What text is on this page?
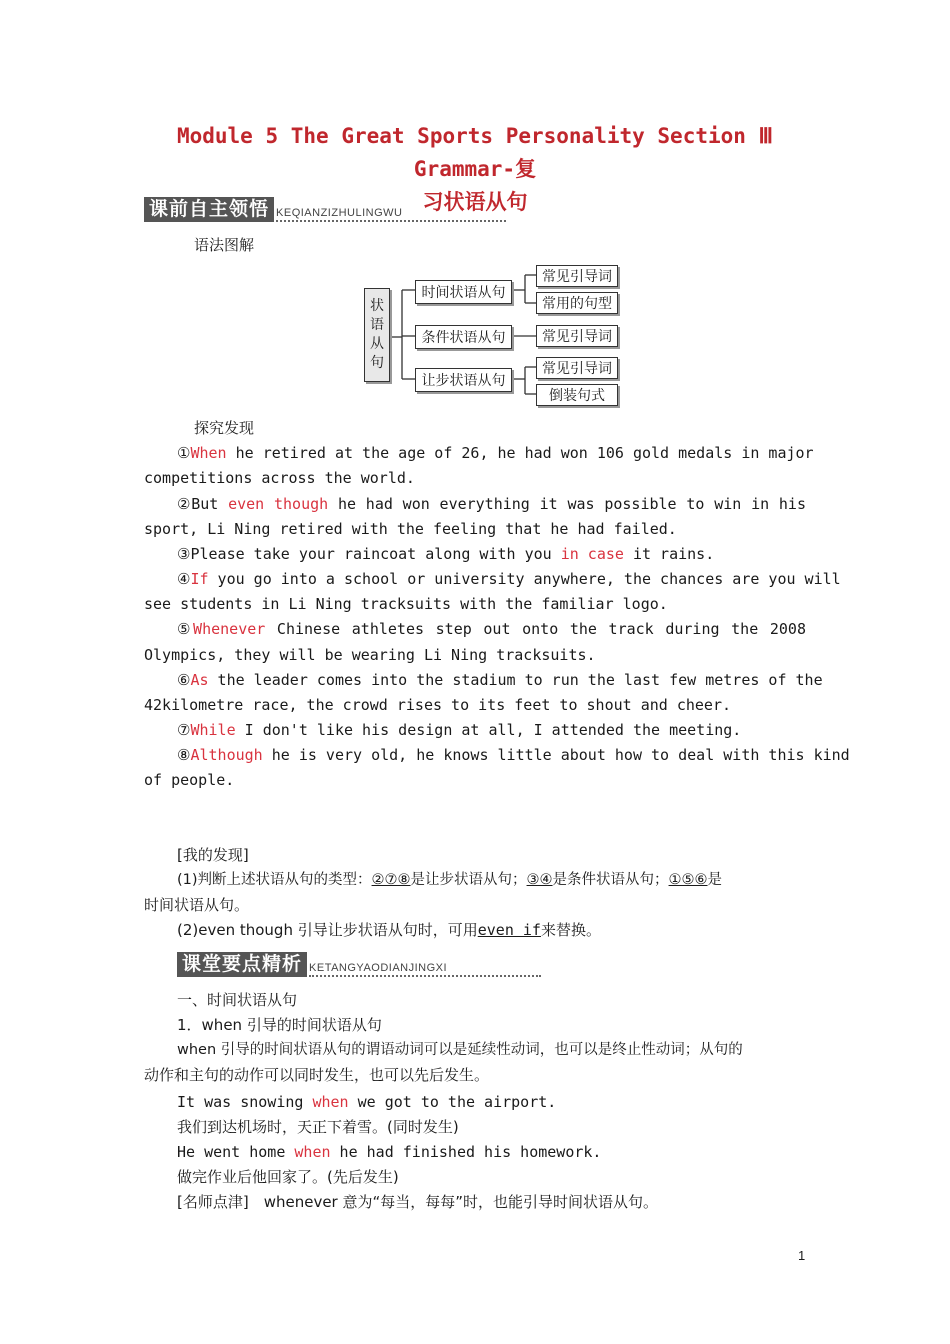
Module 5 The Great Sports Personality Section Ⅲ Grammar-复
习状语从句
课前自主领悟 KEQIANZIZHULINGWU
语法图解
状
语
从
句
时间状语从句
条件状语从句
让步状语从句
常见引导词
常用的句型
常见引导词
常见引导词
倒装句式
探究发现
①When he retired at the age of 26, he had won 106 gold medals in major
competitions across the world.
②But even though he had won everything it was possible to win in his
sport, Li Ning retired with the feeling that he had failed.
③Please take your raincoat along with you in case it rains.
④If you go into a school or university anywhere, the chances are you will
see students in Li Ning tracksuits with the familiar logo.
⑤Whenever Chinese athletes step out onto the track during the 2008
Olympics, they will be wearing Li Ning tracksuits.
⑥As the leader comes into the stadium to run the last few metres of the
42kilometre race, the crowd rises to its feet to shout and cheer.
⑦While I don't like his design at all, I attended the meeting.
⑧Although he is very old, he knows little about how to deal with this kind
of people.
[我的发现]
(1)判断上述状语从句的类型：②⑦⑧是让步状语从句；③④是条件状语从句；①⑤⑥是
时间状语从句。
(2)even though 引导让步状语从句时，可用even if来替换。
课堂要点精析 KETANGYAODIANJINGXI
一、时间状语从句
1．when 引导的时间状语从句
when 引导的时间状语从句的谓语动词可以是延续性动词，也可以是终止性动词；从句的
动作和主句的动作可以同时发生，也可以先后发生。
It was snowing when we got to the airport.
我们到达机场时，天正下着雪。(同时发生)
He went home when he had finished his homework.
做完作业后他回家了。(先后发生)
[名师点津]　whenever 意为“每当，每每”时，也能引导时间状语从句。
1
